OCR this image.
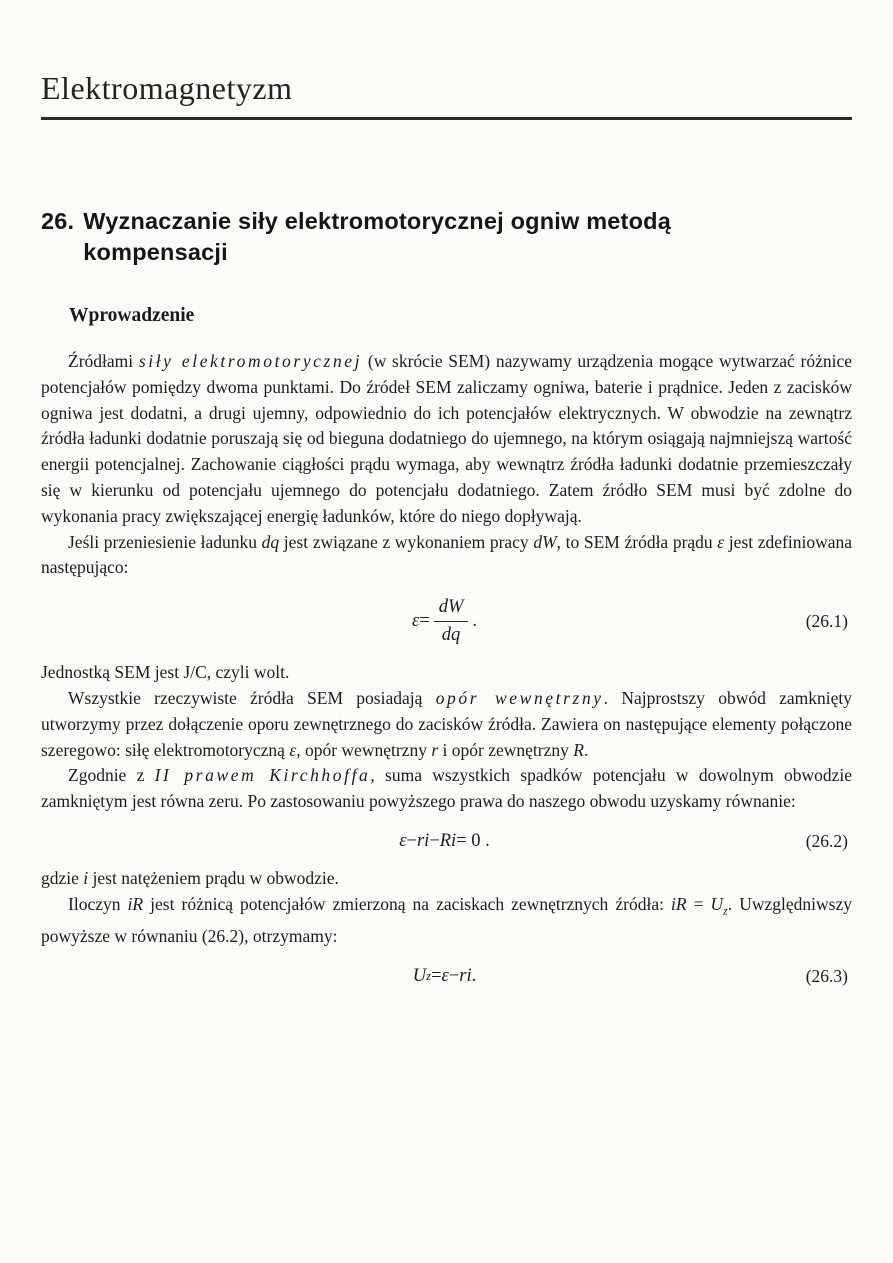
Elektromagnetyzm
26. Wyznaczanie siły elektromotorycznej ogniw metodą
kompensacji
Wprowadzenie

Źródłami siły elektromotorycznej (w skrócie SEM) nazywamy urządzenia mogące wytwarzać różnice potencjałów pomiędzy dwoma punktami. Do źródeł SEM zaliczamy ogniwa, baterie i prądnice. Jeden z zacisków ogniwa jest dodatni, a drugi ujemny, odpowiednio do ich potencjałów elektrycznych. W obwodzie na zewnątrz źródła ładunki dodatnie poruszają się od bieguna dodatniego do ujemnego, na którym osiągają najmniejszą wartość energii potencjalnej. Zachowanie ciągłości prądu wymaga, aby wewnątrz źródła ładunki dodatnie przemieszczały się w kierunku od potencjału ujemnego do potencjału dodatniego. Zatem źródło SEM musi być zdolne do wykonania pracy zwiększającej energię ładunków, które do niego dopływają.

Jeśli przeniesienie ładunku dq jest związane z wykonaniem pracy dW, to SEM źródła prądu ε jest zdefiniowana następująco:

$\varepsilon = \frac{dW}{dq}$ .	(26.1)

Jednostką SEM jest J/C, czyli wolt.

Wszystkie rzeczywiste źródła SEM posiadają opór wewnętrzny. Najprostszy obwód zamknięty utworzymy przez dołączenie oporu zewnętrznego do zacisków źródła. Zawiera on następujące elementy połączone szeregowo: siłę elektromotoryczną ε, opór wewnętrzny r i opór zewnętrzny R.

Zgodnie z II prawem Kirchhoffa, suma wszystkich spadków potencjału w dowolnym obwodzie zamkniętym jest równa zeru. Po zastosowaniu powyższego prawa do naszego obwodu uzyskamy równanie:

ε − ri − Ri = 0 .	(26.2)

gdzie i jest natężeniem prądu w obwodzie.

Iloczyn iR jest różnicą potencjałów zmierzoną na zaciskach zewnętrznych źródła: iR = $U_z$. Uwzględniwszy powyższe w równaniu (26.2), otrzymamy:

U z = ε − ri .	(26.3)
